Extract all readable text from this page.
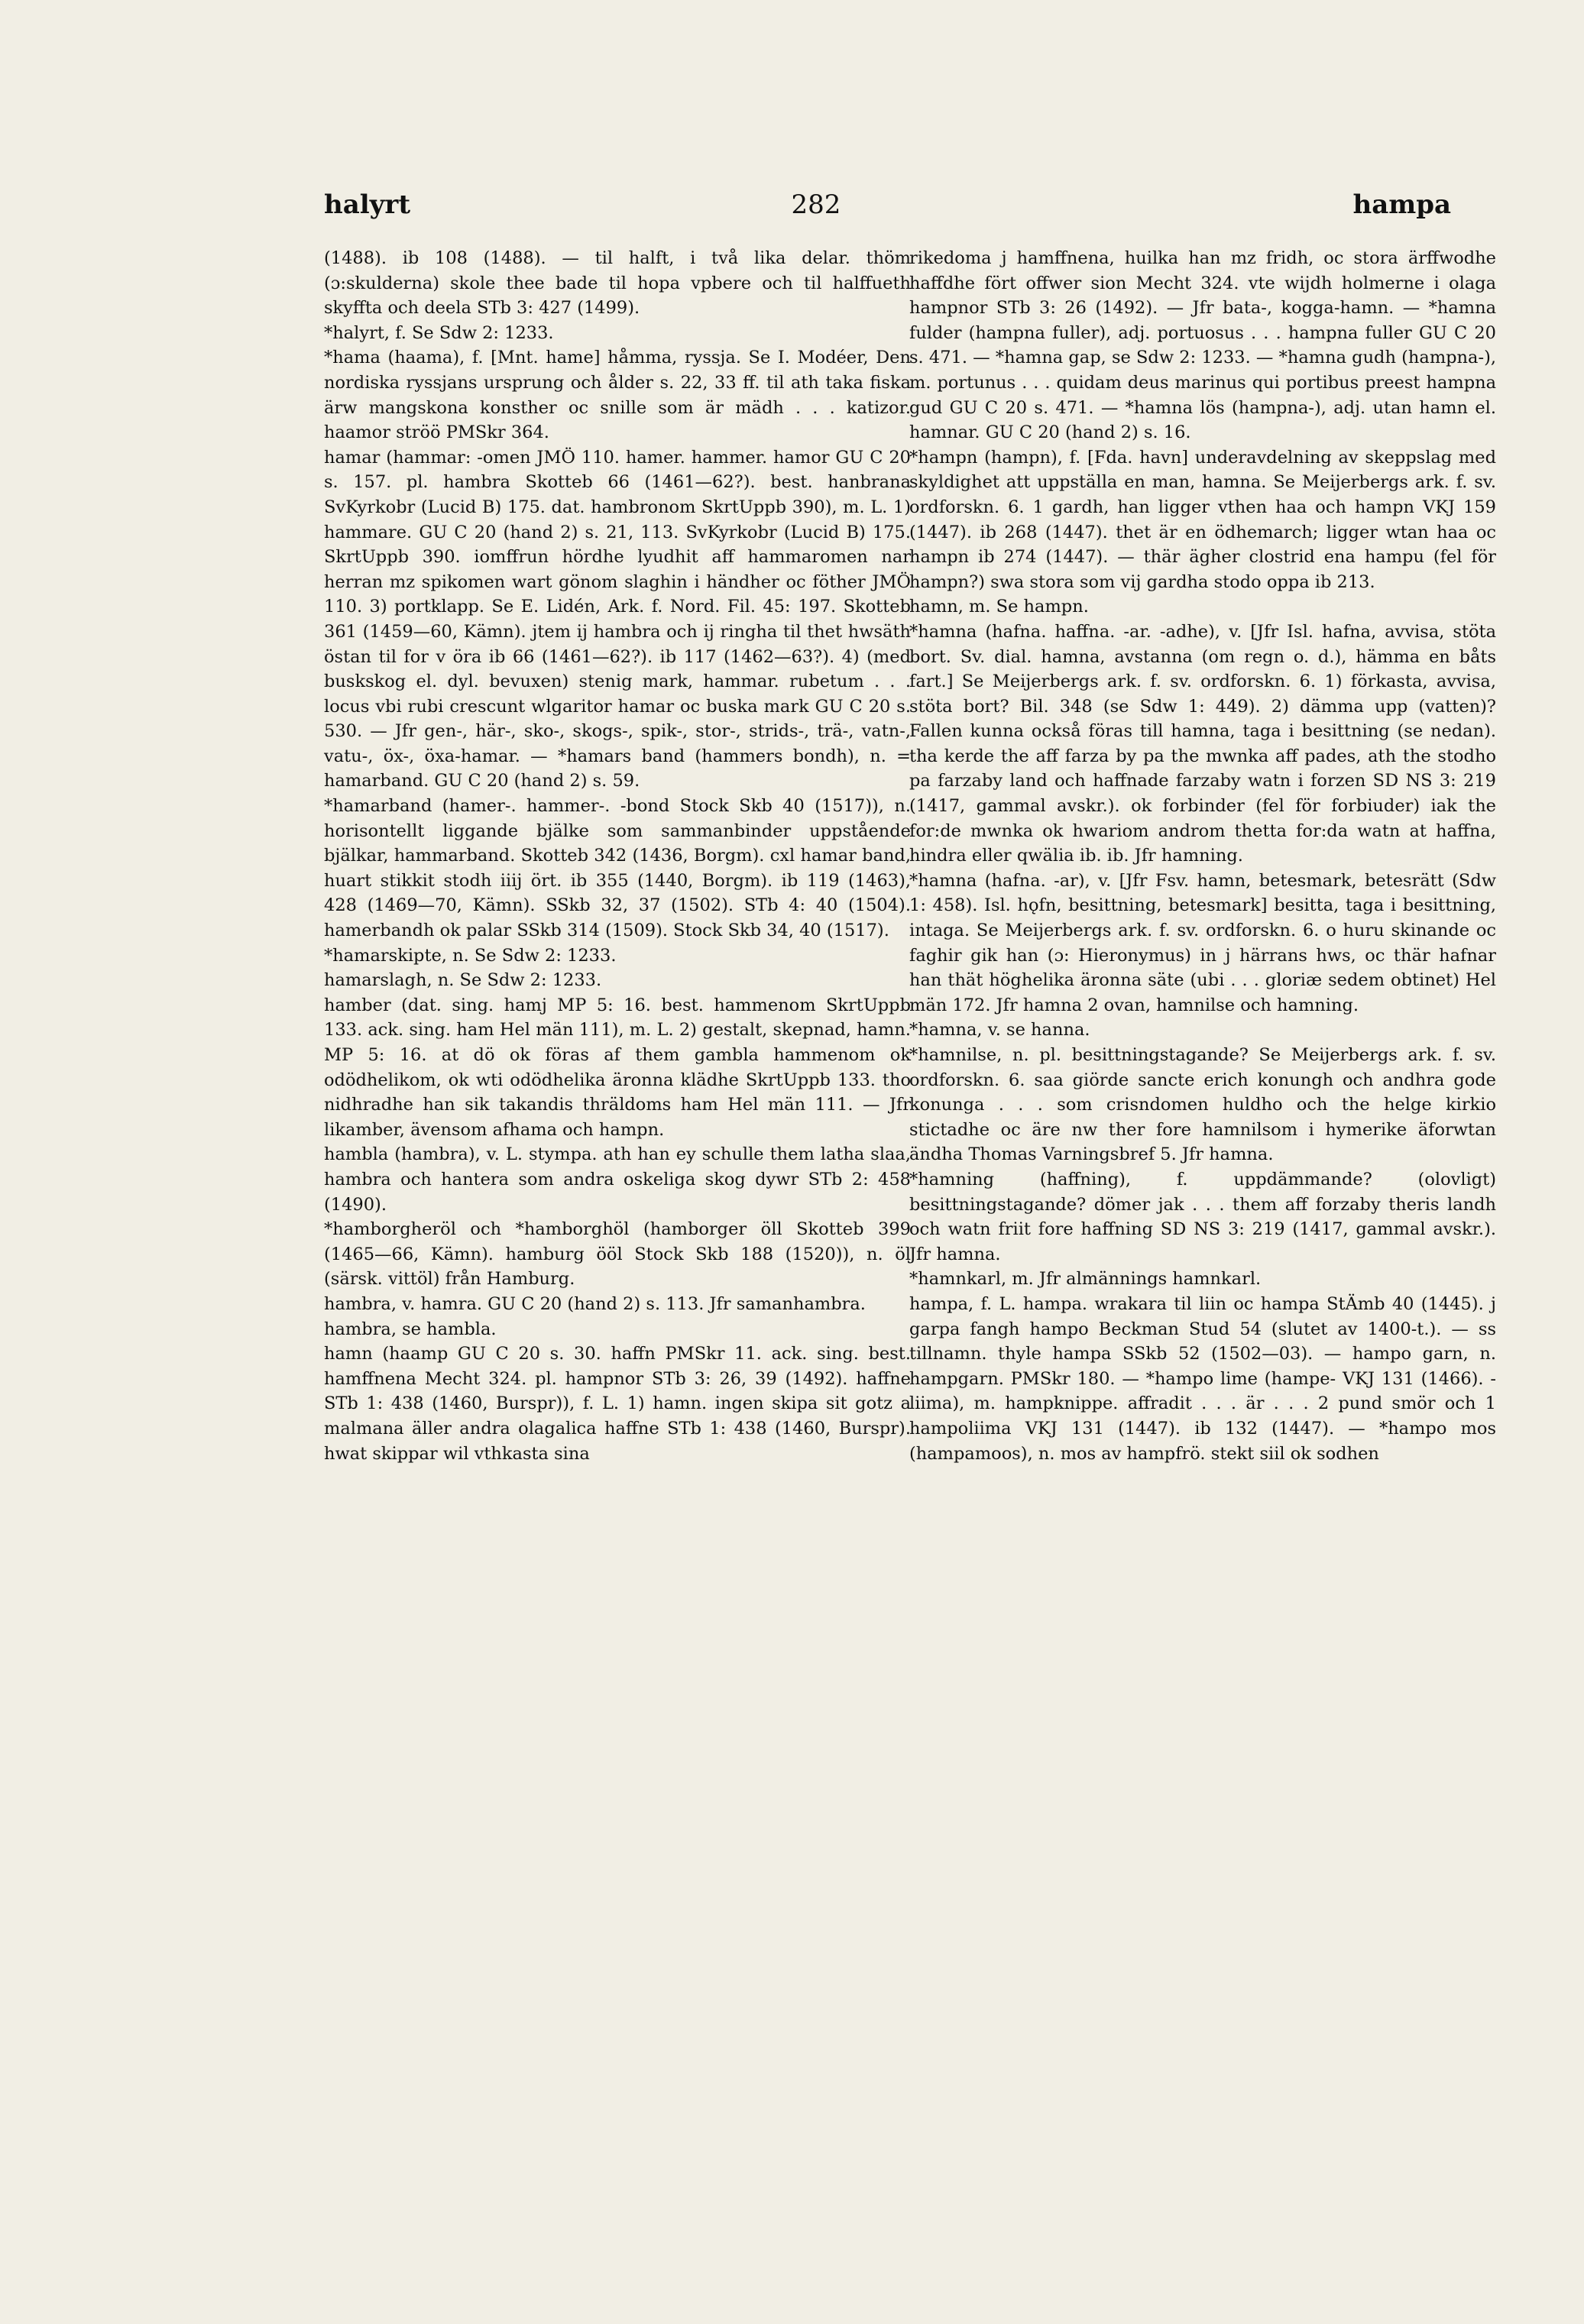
halyrt	282	hampa

(1488). ib 108 (1488). — til halft, i två lika delar. thöm (ɔ:skulderna) skole thee bade til hopa vpbere och til halffueth skyffta och deela STb 3: 427 (1499).

*halyrt, f. Se Sdw 2: 1233.

*hama (haama), f. [Mnt. hame] håmma, ryssja. Se I. Modéer, Den nordiska ryssjans ursprung och ålder s. 22, 33 ff. til ath taka fiska ärw mangskona konsther oc snille som är mädh . . . katizor. haamor ströö PMSkr 364.

hamar (hammar: -omen JMÖ 110. hamer. hammer. hamor GU C 20 s. 157. pl. hambra Skotteb 66 (1461—62?). best. hanbrana SvKyrkobr (Lucid B) 175. dat. hambronom SkrtUppb 390), m. L. 1) hammare. GU C 20 (hand 2) s. 21, 113. SvKyrkobr (Lucid B) 175. SkrtUppb 390. iomffrun hördhe lyudhit aff hammaromen nar herran mz spikomen wart gönom slaghin i händher oc föther JMÖ 110. 3) portklapp. Se E. Lidén, Ark. f. Nord. Fil. 45: 197. Skotteb 361 (1459—60, Kämn). jtem ij hambra och ij ringha til thet hwsäth östan til for v öra ib 66 (1461—62?). ib 117 (1462—63?). 4) (med buskskog el. dyl. bevuxen) stenig mark, hammar. rubetum . . . locus vbi rubi crescunt wlgaritor hamar oc buska mark GU C 20 s. 530. — Jfr gen-, här-, sko-, skogs-, spik-, stor-, strids-, trä-, vatn-, vatu-, öx-, öxa-hamar. — *hamars band (hammers bondh), n. = hamarband. GU C 20 (hand 2) s. 59.

*hamarband (hamer-. hammer-. -bond Stock Skb 40 (1517)), n. horisontellt liggande bjälke som sammanbinder uppstående bjälkar, hammarband. Skotteb 342 (1436, Borgm). cxl hamar band, huart stikkit stodh iiij ört. ib 355 (1440, Borgm). ib 119 (1463), 428 (1469—70, Kämn). SSkb 32, 37 (1502). STb 4: 40 (1504). hamerbandh ok palar SSkb 314 (1509). Stock Skb 34, 40 (1517).

*hamarskipte, n. Se Sdw 2: 1233.

hamarslagh, n. Se Sdw 2: 1233.

hamber (dat. sing. hamj MP 5: 16. best. hammenom SkrtUppb 133. ack. sing. ham Hel män 111), m. L. 2) gestalt, skepnad, hamn. MP 5: 16. at dö ok föras af them gambla hammenom ok odödhelikom, ok wti odödhelika äronna klädhe SkrtUppb 133. tho nidhradhe han sik takandis thräldoms ham Hel män 111. — Jfr likamber, ävensom afhama och hampn.

hambla (hambra), v. L. stympa. ath han ey schulle them latha slaa, hambra och hantera som andra oskeliga skog dywr STb 2: 458 (1490).

*hamborgheröl och *hamborghöl (hamborger öll Skotteb 399 (1465—66, Kämn). hamburg ööl Stock Skb 188 (1520)), n. öl (särsk. vittöl) från Hamburg.

hambra, v. hamra. GU C 20 (hand 2) s. 113. Jfr samanhambra.

hambra, se hambla.

hamn (haamp GU C 20 s. 30. haffn PMSkr 11. ack. sing. best. hamffnena Mecht 324. pl. hampnor STb 3: 26, 39 (1492). haffne STb 1: 438 (1460, Burspr)), f. L. 1) hamn. ingen skipa sit gotz a malmana äller andra olagalica haffne STb 1: 438 (1460, Burspr). hwat skippar wil vthkasta sina

rikedoma j hamffnena, huilka han mz fridh, oc stora ärffwodhe haffdhe fört offwer sion Mecht 324. vte wijdh holmerne i olaga hampnor STb 3: 26 (1492). — Jfr bata-, kogga-hamn. — *hamna fulder (hampna fuller), adj. portuosus . . . hampna fuller GU C 20 s. 471. — *hamna gap, se Sdw 2: 1233. — *hamna gudh (hampna-), m. portunus . . . quidam deus marinus qui portibus preest hampna gud GU C 20 s. 471. — *hamna lös (hampna-), adj. utan hamn el. hamnar. GU C 20 (hand 2) s. 16.

*hampn (hampn), f. [Fda. havn] underavdelning av skeppslag med skyldighet att uppställa en man, hamna. Se Meijerbergs ark. f. sv. ordforskn. 6. 1 gardh, han ligger vthen haa och hampn VKJ 159 (1447). ib 268 (1447). thet är en ödhemarch; ligger wtan haa oc hampn ib 274 (1447). — thär ägher clostrid ena hampu (fel för hampn?) swa stora som vij gardha stodo oppa ib 213.

hamn, m. Se hampn.

*hamna (hafna. haffna. -ar. -adhe), v. [Jfr Isl. hafna, avvisa, stöta bort. Sv. dial. hamna, avstanna (om regn o. d.), hämma en båts fart.] Se Meijerbergs ark. f. sv. ordforskn. 6. 1) förkasta, avvisa, stöta bort? Bil. 348 (se Sdw 1: 449). 2) dämma upp (vatten)? Fallen kunna också föras till hamna, taga i besittning (se nedan). tha kerde the aff farza by pa the mwnka aff pades, ath the stodho pa farzaby land och haffnade farzaby watn i forzen SD NS 3: 219 (1417, gammal avskr.). ok forbinder (fel för forbiuder) iak the for:de mwnka ok hwariom androm thetta for:da watn at haffna, hindra eller qwälia ib. ib. Jfr hamning.

*hamna (hafna. -ar), v. [Jfr Fsv. hamn, betesmark, betesrätt (Sdw 1: 458). Isl. hǫfn, besittning, betesmark] besitta, taga i besittning, intaga. Se Meijerbergs ark. f. sv. ordforskn. 6. o huru skinande oc faghir gik han (ɔ: Hieronymus) in j härrans hws, oc thär hafnar han thät höghelika äronna säte (ubi . . . gloriæ sedem obtinet) Hel män 172. Jfr hamna 2 ovan, hamnilse och hamning.

*hamna, v. se hanna.

*hamnilse, n. pl. besittningstagande? Se Meijerbergs ark. f. sv. ordforskn. 6. saa giörde sancte erich konungh och andhra gode konunga . . . som crisndomen huldho och the helge kirkio stictadhe oc äre nw ther fore hamnilsom i hymerike äforwtan ändha Thomas Varningsbref 5. Jfr hamna.

*hamning (haffning), f. uppdämmande? (olovligt) besittningstagande? dömer jak . . . them aff forzaby theris landh och watn friit fore haffning SD NS 3: 219 (1417, gammal avskr.). Jfr hamna.

*hamnkarl, m. Jfr almännings hamnkarl.

hampa, f. L. hampa. wrakara til liin oc hampa StÄmb 40 (1445). j garpa fangh hampo Beckman Stud 54 (slutet av 1400-t.). — ss tillnamn. thyle hampa SSkb 52 (1502—03). — hampo garn, n. hampgarn. PMSkr 180. — *hampo lime (hampe- VKJ 131 (1466). -liima), m. hampknippe. affradit . . . är . . . 2 pund smör och 1 hampoliima VKJ 131 (1447). ib 132 (1447). — *hampo mos (hampamoos), n. mos av hampfrö. stekt siil ok sodhen
